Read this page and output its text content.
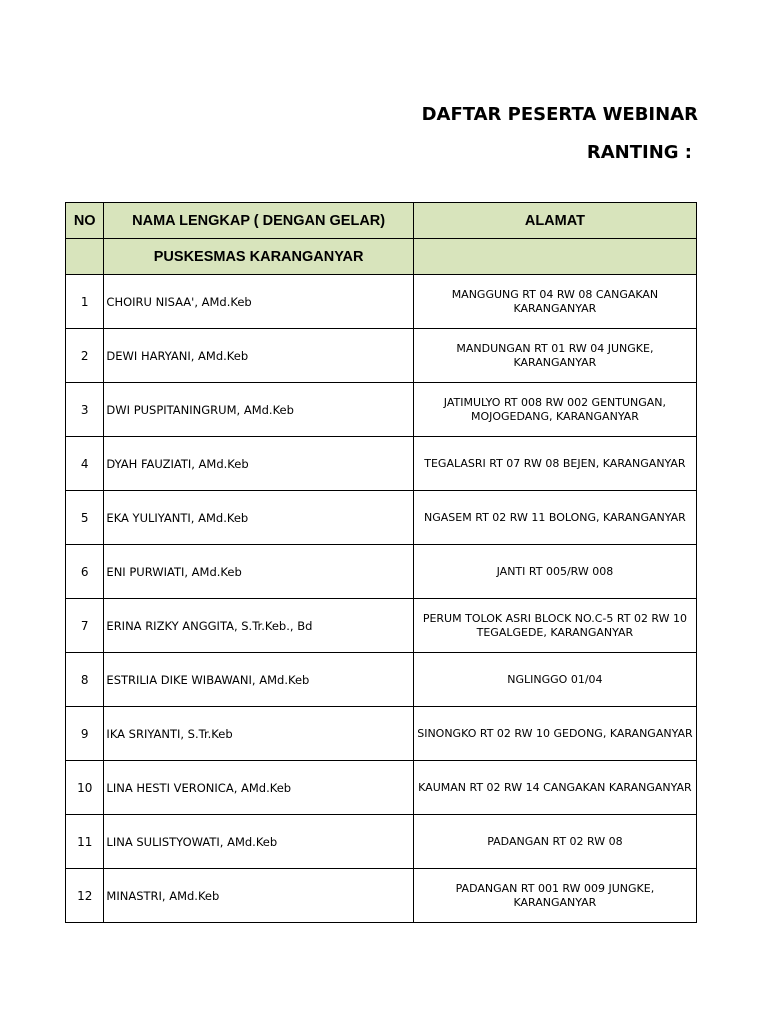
DAFTAR PESERTA WEBINAR
RANTING :
NO	NAMA LENGKAP ( DENGAN GELAR)	ALAMAT
	PUSKESMAS KARANGANYAR	
1	CHOIRU NISAA', AMd.Keb	MANGGUNG RT 04 RW 08 CANGAKAN KARANGANYAR
2	DEWI HARYANI, AMd.Keb	MANDUNGAN RT 01 RW 04 JUNGKE, KARANGANYAR
3	DWI PUSPITANINGRUM, AMd.Keb	JATIMULYO RT 008 RW 002 GENTUNGAN, MOJOGEDANG, KARANGANYAR
4	DYAH FAUZIATI, AMd.Keb	TEGALASRI RT 07 RW 08 BEJEN, KARANGANYAR
5	EKA YULIYANTI, AMd.Keb	NGASEM RT 02 RW 11 BOLONG, KARANGANYAR
6	ENI PURWIATI, AMd.Keb	JANTI RT 005/RW 008
7	ERINA RIZKY ANGGITA, S.Tr.Keb., Bd	PERUM TOLOK ASRI BLOCK NO.C-5 RT 02 RW 10 TEGALGEDE, KARANGANYAR
8	ESTRILIA DIKE WIBAWANI, AMd.Keb	NGLINGGO 01/04
9	IKA SRIYANTI, S.Tr.Keb	SINONGKO RT 02 RW 10 GEDONG, KARANGANYAR
10	LINA HESTI VERONICA, AMd.Keb	KAUMAN RT 02 RW 14 CANGAKAN KARANGANYAR
11	LINA SULISTYOWATI, AMd.Keb	PADANGAN RT 02 RW 08
12	MINASTRI, AMd.Keb	PADANGAN RT 001 RW 009 JUNGKE, KARANGANYAR
